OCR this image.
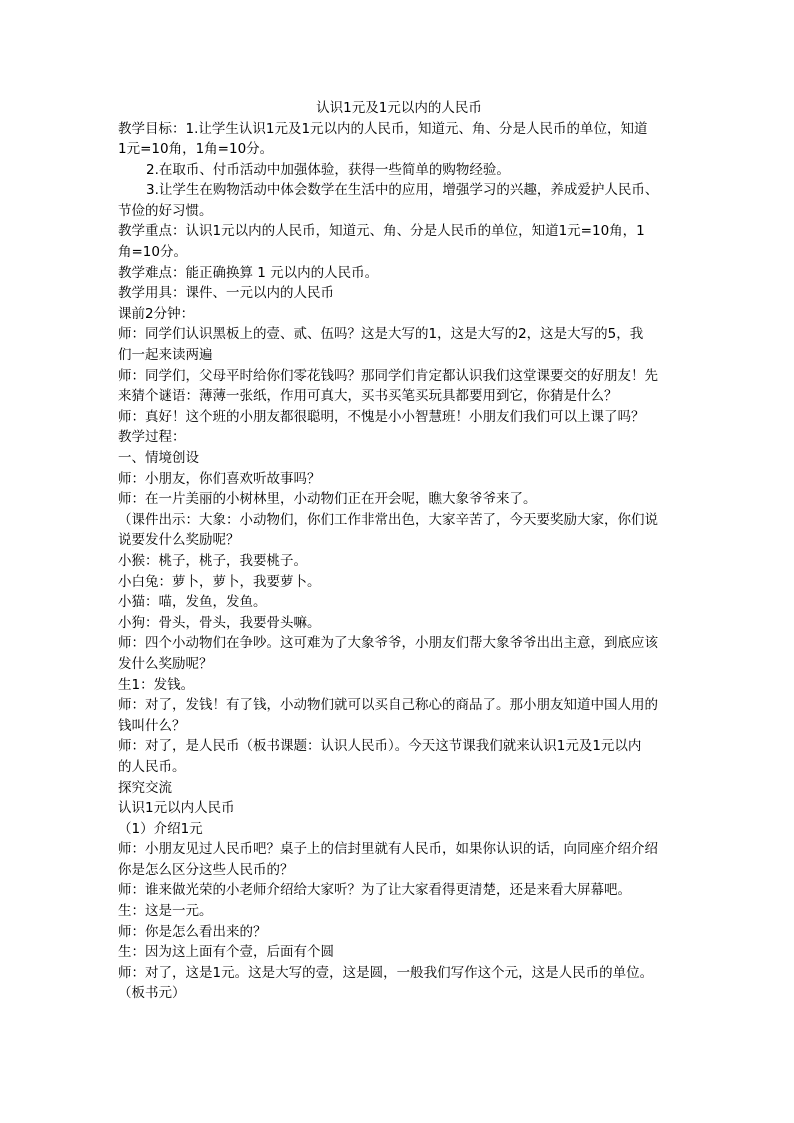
认识1元及1元以内的人民币

教学目标：1.让学生认识1元及1元以内的人民币，知道元、角、分是人民币的单位，知道

1元=10角，1角=10分。

2.在取币、付币活动中加强体验，获得一些简单的购物经验。

3.让学生在购物活动中体会数学在生活中的应用，增强学习的兴趣，养成爱护人民币、

节俭的好习惯。

教学重点：认识1元以内的人民币，知道元、角、分是人民币的单位，知道1元=10角，1

角=10分。

教学难点：能正确换算 1 元以内的人民币。

教学用具：课件、一元以内的人民币

课前2分钟：

师：同学们认识黑板上的壹、贰、伍吗？这是大写的1，这是大写的2，这是大写的5，我

们一起来读两遍

师：同学们，父母平时给你们零花钱吗？那同学们肯定都认识我们这堂课要交的好朋友！先

来猜个谜语：薄薄一张纸，作用可真大，买书买笔买玩具都要用到它，你猜是什么？

师：真好！这个班的小朋友都很聪明，不愧是小小智慧班！小朋友们我们可以上课了吗？

教学过程：

一、情境创设

师：小朋友，你们喜欢听故事吗？

师：在一片美丽的小树林里，小动物们正在开会呢，瞧大象爷爷来了。

（课件出示：大象：小动物们，你们工作非常出色，大家辛苦了，今天要奖励大家，你们说

说要发什么奖励呢？

小猴：桃子，桃子，我要桃子。

小白兔：萝卜，萝卜，我要萝卜。

小猫：喵，发鱼，发鱼。

小狗：骨头，骨头，我要骨头嘛。

师：四个小动物们在争吵。这可难为了大象爷爷，小朋友们帮大象爷爷出出主意，到底应该

发什么奖励呢？

生1：发钱。

师：对了，发钱！有了钱，小动物们就可以买自己称心的商品了。那小朋友知道中国人用的

钱叫什么？

师：对了，是人民币（板书课题：认识人民币）。今天这节课我们就来认识1元及1元以内

的人民币。

探究交流

认识1元以内人民币

（1）介绍1元

师：小朋友见过人民币吧？桌子上的信封里就有人民币，如果你认识的话，向同座介绍介绍

你是怎么区分这些人民币的？

师：谁来做光荣的小老师介绍给大家听？为了让大家看得更清楚，还是来看大屏幕吧。

生：这是一元。

师：你是怎么看出来的？

生：因为这上面有个壹，后面有个圆

师：对了，这是1元。这是大写的壹，这是圆，一般我们写作这个元，这是人民币的单位。

（板书元）
